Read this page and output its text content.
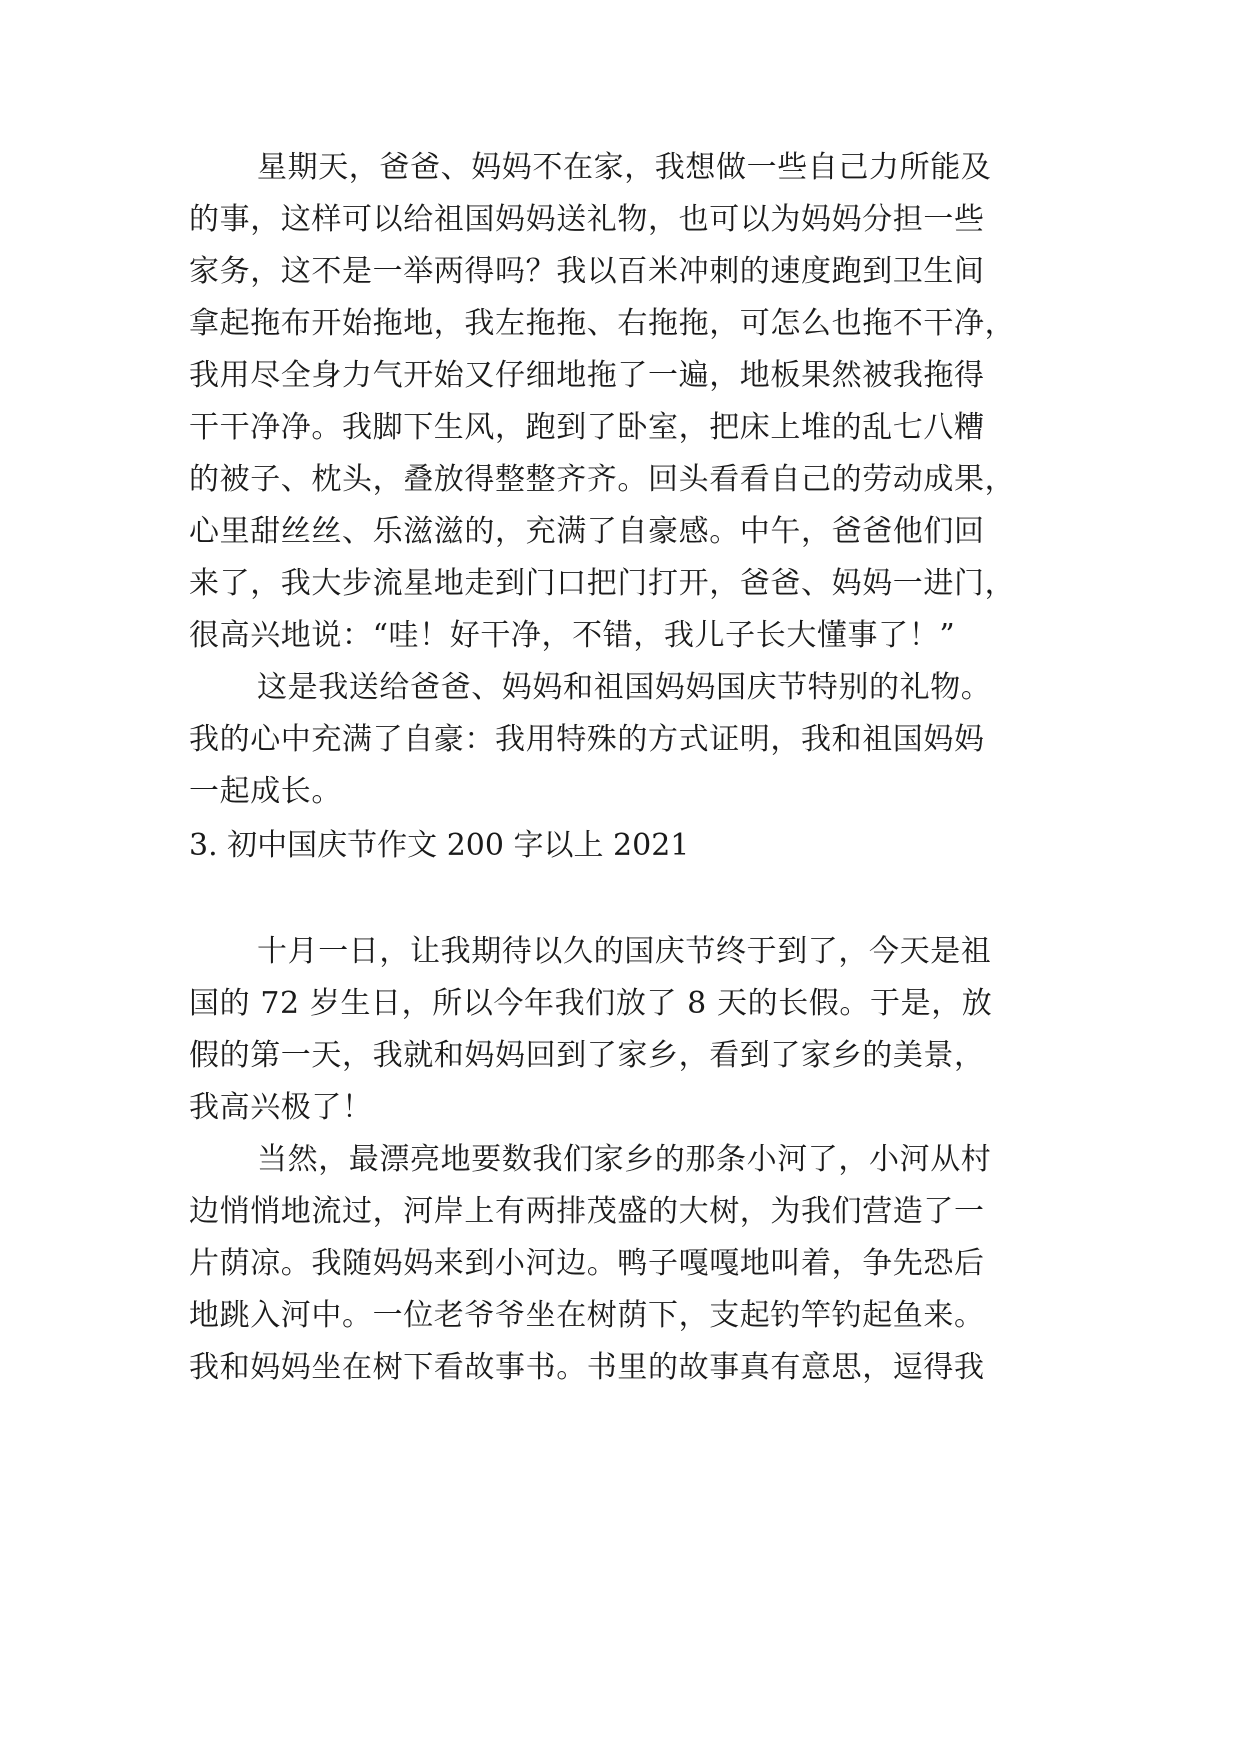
星期天，爸爸、妈妈不在家，我想做一些自己力所能及
的事，这样可以给祖国妈妈送礼物，也可以为妈妈分担一些
家务，这不是一举两得吗？我以百米冲刺的速度跑到卫生间
拿起拖布开始拖地，我左拖拖、右拖拖，可怎么也拖不干净，
我用尽全身力气开始又仔细地拖了一遍，地板果然被我拖得
干干净净。我脚下生风，跑到了卧室，把床上堆的乱七八糟
的被子、枕头，叠放得整整齐齐。回头看看自己的劳动成果，
心里甜丝丝、乐滋滋的，充满了自豪感。中午，爸爸他们回
来了，我大步流星地走到门口把门打开，爸爸、妈妈一进门，
很高兴地说：“哇！好干净，不错，我儿子长大懂事了！”
这是我送给爸爸、妈妈和祖国妈妈国庆节特别的礼物。
我的心中充满了自豪：我用特殊的方式证明，我和祖国妈妈
一起成长。
3. 初中国庆节作文 200 字以上 2021
十月一日，让我期待以久的国庆节终于到了，今天是祖
国的 72 岁生日，所以今年我们放了 8 天的长假。于是，放
假的第一天，我就和妈妈回到了家乡，看到了家乡的美景，
我高兴极了！
当然，最漂亮地要数我们家乡的那条小河了，小河从村
边悄悄地流过，河岸上有两排茂盛的大树，为我们营造了一
片荫凉。我随妈妈来到小河边。鸭子嘎嘎地叫着，争先恐后
地跳入河中。一位老爷爷坐在树荫下，支起钓竿钓起鱼来。
我和妈妈坐在树下看故事书。书里的故事真有意思，逗得我
